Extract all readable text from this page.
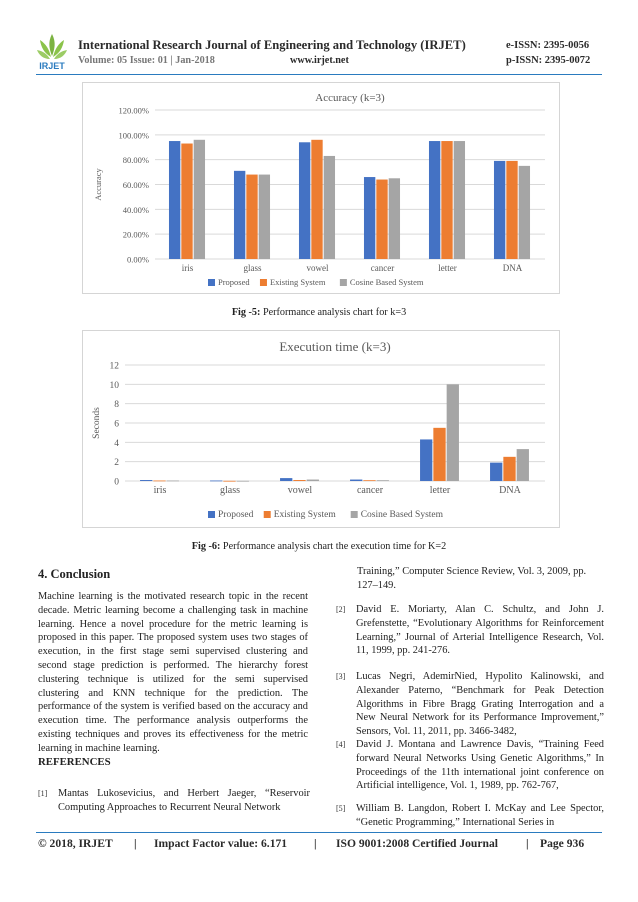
IRJET
International Research Journal of Engineering and Technology (IRJET)	e-ISSN: 2395-0056
Volume: 05 Issue: 01 | Jan-2018	www.irjet.net	p-ISSN: 2395-0072
Accuracy (k=3)
0.00%
20.00%
40.00%
60.00%
80.00%
100.00%
120.00%
Accuracy
iris	glass	vowel	cancer	letter	DNA
Proposed Existing System	Cosine Based System
Fig -5: Performance analysis chart for k=3
Execution time (k=3)
0
2
4
6
8
10
12
Seconds
iris	glass	vowel	cancer	letter	DNA
Proposed Existing System	Cosine Based System
Fig -6: Performance analysis chart the execution time for K=2
4. Conclusion
Machine learning is the motivated research topic in the recent decade. Metric learning become a challenging task in machine learning. Hence a novel procedure for the metric learning is proposed in this paper. The proposed system uses two stages of execution, in the first stage semi supervised clustering and second stage prediction is performed. The hierarchy forest clustering technique is utilized for the semi supervised clustering and KNN technique for the prediction. The performance of the system is verified based on the accuracy and execution time. The performance analysis outperforms the existing techniques and proves its effectiveness for the metric learning in machine learning.
REFERENCES
[1] Mantas Lukosevicius, and Herbert Jaeger, “Reservoir Computing Approaches to Recurrent Neural Network
Training,” Computer Science Review, Vol. 3, 2009, pp. 127–149.
[2] David E. Moriarty, Alan C. Schultz, and John J. Grefenstette, “Evolutionary Algorithms for Reinforcement Learning,” Journal of Arterial Intelligence Research, Vol. 11, 1999, pp. 241-276.
[3] Lucas Negri, AdemirNied, Hypolito Kalinowski, and Alexander Paterno, “Benchmark for Peak Detection Algorithms in Fibre Bragg Grating Interrogation and a New Neural Network for its Performance Improvement,” Sensors, Vol. 11, 2011, pp. 3466-3482,
[4] David J. Montana and Lawrence Davis, “Training Feed forward Neural Networks Using Genetic Algorithms,” In Proceedings of the 11th international joint conference on Artificial intelligence, Vol. 1, 1989, pp. 762-767,
[5] William B. Langdon, Robert I. McKay and Lee Spector, “Genetic Programming,” International Series in
© 2018, IRJET | Impact Factor value: 6.171 | ISO 9001:2008 Certified Journal | Page 936
